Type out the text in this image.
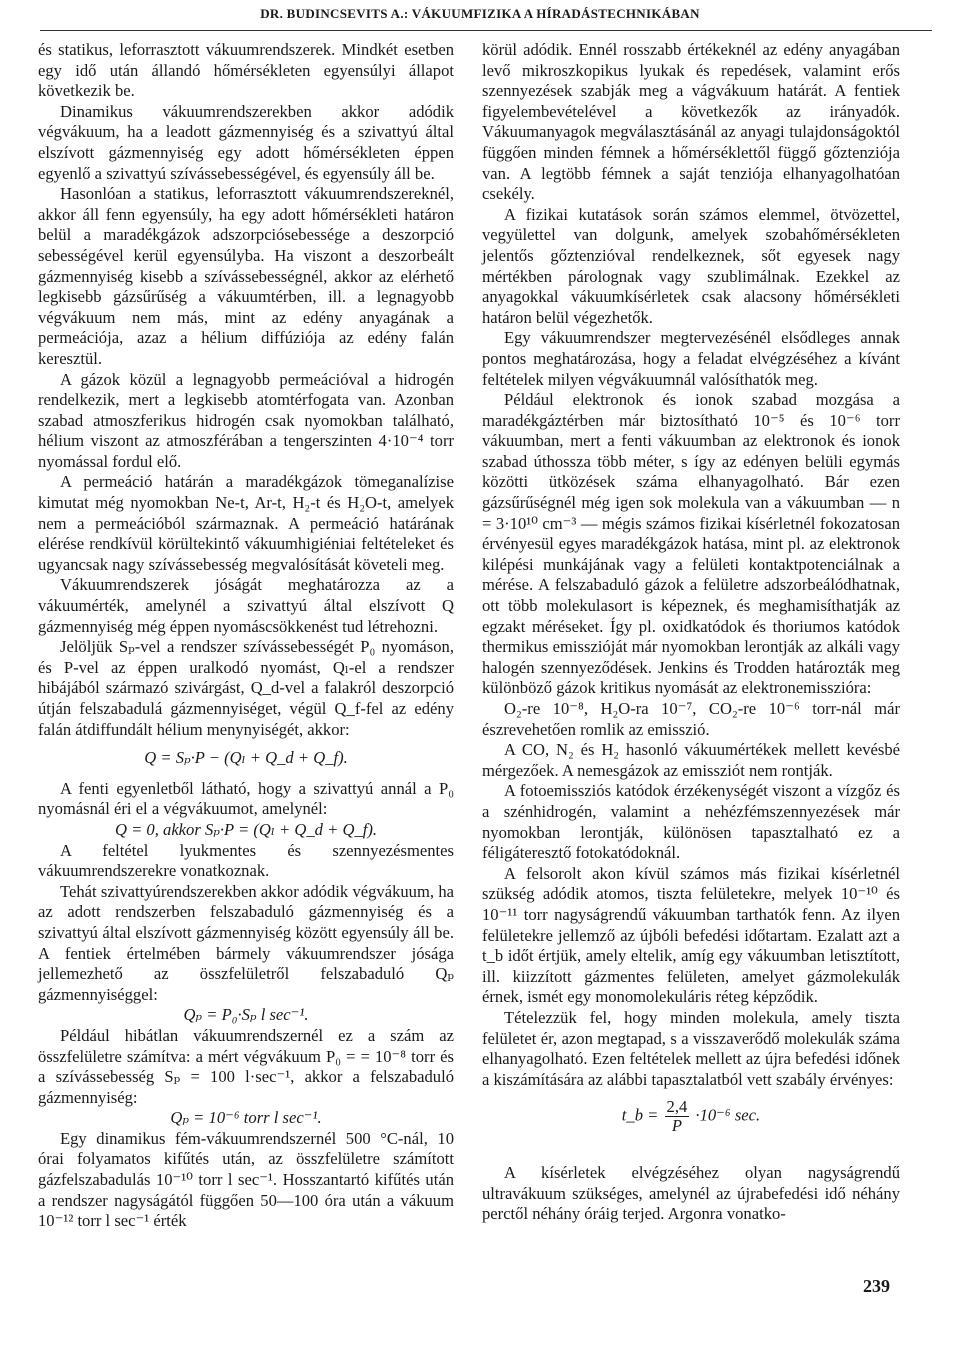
DR. BUDINCSEVITS A.: VÁKUUMFIZIKA A HÍRADÁSTECHNIKÁBAN

és statikus, leforrasztott vákuumrendszerek. Mindkét esetben egy idő után állandó hőmérsékleten egyensúlyi állapot következik be.

Dinamikus vákuumrendszerekben akkor adódik végvákuum, ha a leadott gázmennyiség és a szivattyú által elszívott gázmennyiség egy adott hőmérsékleten éppen egyenlő a szivattyú szívássebességével, és egyensúly áll be.

Hasonlóan a statikus, leforrasztott vákuumrendszereknél, akkor áll fenn egyensúly, ha egy adott hőmérsékleti határon belül a maradékgázok adszorpciósebessége a deszorpció sebességével kerül egyensúlyba. Ha viszont a deszorbeált gázmennyiség kisebb a szívássebességnél, akkor az elérhető legkisebb gázsűrűség a vákuumtérben, ill. a legnagyobb végvákuum nem más, mint az edény anyagának a permeációja, azaz a hélium diffúziója az edény falán keresztül.

A gázok közül a legnagyobb permeációval a hidrogén rendelkezik, mert a legkisebb atomtérfogata van. Azonban szabad atmoszferikus hidrogén csak nyomokban található, hélium viszont az atmoszférában a tengerszinten 4·10⁻⁴ torr nyomással fordul elő.

A permeáció határán a maradékgázok tömeganalízise kimutat még nyomokban Ne-t, Ar-t, H₂-t és H₂O-t, amelyek nem a permeációból származnak. A permeáció határának elérése rendkívül körültekintő vákuumhigiéniai feltételeket és ugyancsak nagy szívássebesség megvalósítását követeli meg.

Vákuumrendszerek jóságát meghatározza az a vákuumérték, amelynél a szivattyú által elszívott Q gázmennyiség még éppen nyomáscsökkenést tud létrehozni.

Jelöljük Sₚ-vel a rendszer szívássebességét P₀ nyomáson, és P-vel az éppen uralkodó nyomást, Qₗ-el a rendszer hibájából származó szivárgást, Q_d-vel a falakról deszorpció útján felszabadulá gázmennyiséget, végül Q_f-fel az edény falán átdiffundált hélium menynyiségét, akkor:

Q = Sₚ·P − (Qₗ + Q_d + Q_f).

A fenti egyenletből látható, hogy a szivattyú annál a P₀ nyomásnál éri el a végvákuumot, amelynél:

Q = 0, akkor Sₚ·P = (Qₗ + Q_d + Q_f).

A feltétel lyukmentes és szennyezésmentes vákuumrendszerekre vonatkoznak.

Tehát szivattyúrendszerekben akkor adódik végvákuum, ha az adott rendszerben felszabaduló gázmennyiség és a szivattyú által elszívott gázmennyiség között egyensúly áll be. A fentiek értelmében bármely vákuumrendszer jósága jellemezhető az összfelületről felszabaduló Qₚ gázmennyiséggel:

Qₚ = P₀·Sₚ l sec⁻¹.

Például hibátlan vákuumrendszernél ez a szám az összfelületre számítva: a mért végvákuum P₀ = = 10⁻⁸ torr és a szívássebesség Sₚ = 100 l·sec⁻¹, akkor a felszabaduló gázmennyiség:

Qₚ = 10⁻⁶ torr l sec⁻¹.

Egy dinamikus fém-vákuumrendszernél 500 °C-nál, 10 órai folyamatos kifűtés után, az összfelületre számított gázfelszabadulás 10⁻¹⁰ torr l sec⁻¹. Hosszantartó kifűtés után a rendszer nagyságától függően 50—100 óra után a vákuum 10⁻¹² torr l sec⁻¹ érték

körül adódik. Ennél rosszabb értékeknél az edény anyagában levő mikroszkopikus lyukak és repedések, valamint erős szennyezések szabják meg a vágvákuum határát. A fentiek figyelembevételével a következők az irányadók. Vákuumanyagok megválasztásánál az anyagi tulajdonságoktól függően minden fémnek a hőmérséklettől függő gőztenziója van. A legtöbb fémnek a saját tenziója elhanyagolhatóan csekély.

A fizikai kutatások során számos elemmel, ötvözettel, vegyülettel van dolgunk, amelyek szobahőmérsékleten jelentős gőztenzióval rendelkeznek, sőt egyesek nagy mértékben párolognak vagy szublimálnak. Ezekkel az anyagokkal vákuumkísérletek csak alacsony hőmérsékleti határon belül végezhetők.

Egy vákuumrendszer megtervezésénél elsődleges annak pontos meghatározása, hogy a feladat elvégzéséhez a kívánt feltételek milyen végvákuumnál valósíthatók meg.

Például elektronok és ionok szabad mozgása a maradékgáztérben már biztosítható 10⁻⁵ és 10⁻⁶ torr vákuumban, mert a fenti vákuumban az elektronok és ionok szabad úthossza több méter, s így az edényen belüli egymás közötti ütközések száma elhanyagolható. Bár ezen gázsűrűségnél még igen sok molekula van a vákuumban — n = 3·10¹⁰ cm⁻³ — mégis számos fizikai kísérletnél fokozatosan érvényesül egyes maradékgázok hatása, mint pl. az elektronok kilépési munkájának vagy a felületi kontaktpotenciálnak a mérése. A felszabaduló gázok a felületre adszorbeálódhatnak, ott több molekulasort is képeznek, és meghamisíthatják az egzakt méréseket. Így pl. oxidkatódok és thoriumos katódok thermikus emisszióját már nyomokban lerontják az alkáli vagy halogén szennyeződések. Jenkins és Trodden határozták meg különböző gázok kritikus nyomását az elektronemisszióra:

O₂-re 10⁻⁸, H₂O-ra 10⁻⁷, CO₂-re 10⁻⁶ torr-nál már észrevehetően romlik az emisszió.

A CO, N₂ és H₂ hasonló vákuumértékek mellett kevésbé mérgezőek. A nemesgázok az emissziót nem rontják.

A fotoemissziós katódok érzékenységét viszont a vízgőz és a szénhidrogén, valamint a nehézfémszennyezések már nyomokban lerontják, különösen tapasztalható ez a féligáteresztő fotokatódoknál.

A felsorolt akon kívül számos más fizikai kísérletnél szükség adódik atomos, tiszta felületekre, melyek 10⁻¹⁰ és 10⁻¹¹ torr nagyságrendű vákuumban tarthatók fenn. Az ilyen felületekre jellemző az újbóli befedési időtartam. Ezalatt azt a t_b időt értjük, amely eltelik, amíg egy vákuumban letisztított, ill. kiizzított gázmentes felületen, amelyet gázmolekulák érnek, ismét egy monomolekuláris réteg képződik.

Tételezzük fel, hogy minden molekula, amely tiszta felületet ér, azon megtapad, s a visszaverődő molekulák száma elhanyagolható. Ezen feltételek mellett az újra befedési időnek a kiszámítására az alábbi tapasztalatból vett szabály érvényes:

t_b = $\frac{2,4}{P} \cdot 10^{-6}$ sec.

A kísérletek elvégzéséhez olyan nagyságrendű ultravákuum szükséges, amelynél az újrabefedési idő néhány perctől néhány óráig terjed. Argonra vonatko-

239
